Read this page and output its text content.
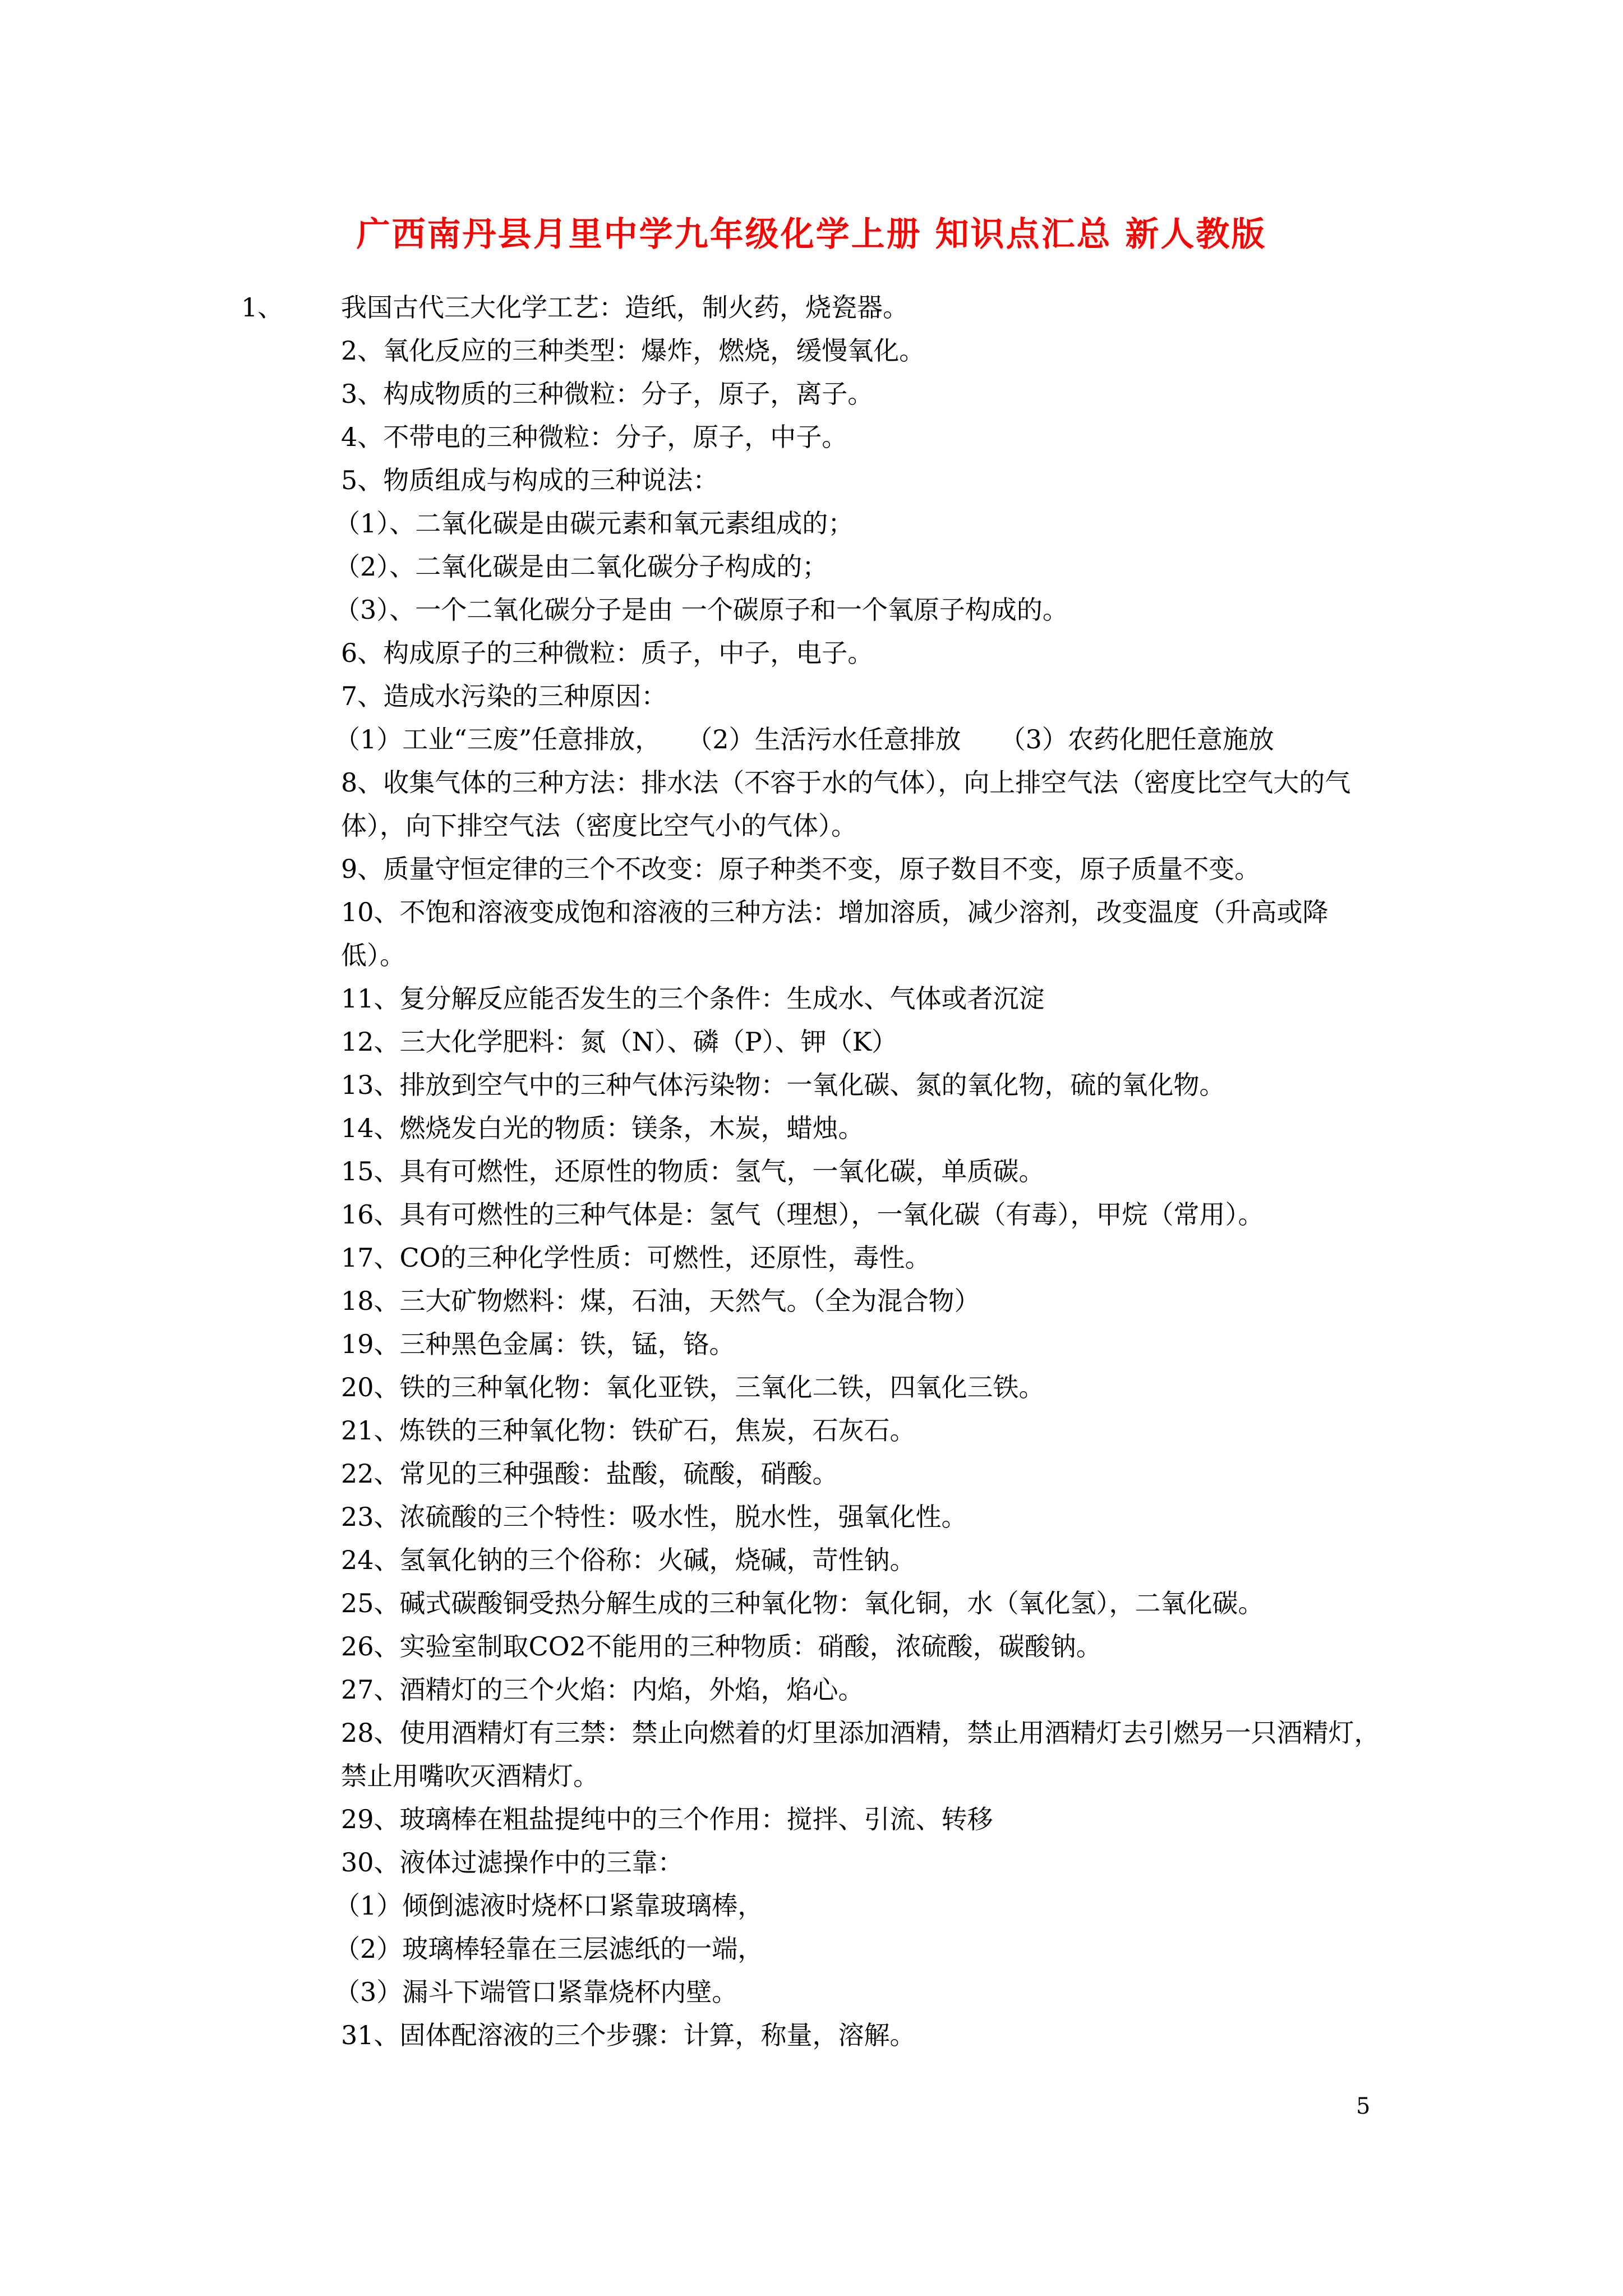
广西南丹县月里中学九年级化学上册 知识点汇总 新人教版
1、 我国古代三大化学工艺：造纸，制火药，烧瓷器。
2、氧化反应的三种类型：爆炸，燃烧，缓慢氧化。
3、构成物质的三种微粒：分子，原子，离子。
4、不带电的三种微粒：分子，原子，中子。
5、物质组成与构成的三种说法：
（1）、二氧化碳是由碳元素和氧元素组成的；
（2）、二氧化碳是由二氧化碳分子构成的；
（3）、一个二氧化碳分子是由 一个碳原子和一个氧原子构成的。
6、构成原子的三种微粒：质子，中子，电子。
7、造成水污染的三种原因：
（1）工业“三废”任意排放，　　（2）生活污水任意排放　　（3）农药化肥任意施放
8、收集气体的三种方法：排水法（不容于水的气体），向上排空气法（密度比空气大的气体），向下排空气法（密度比空气小的气体）。
9、质量守恒定律的三个不改变：原子种类不变，原子数目不变，原子质量不变。
10、不饱和溶液变成饱和溶液的三种方法：增加溶质，减少溶剂，改变温度（升高或降低）。
11、复分解反应能否发生的三个条件：生成水、气体或者沉淀
12、三大化学肥料：氮（N）、磷（P）、钾（K）
13、排放到空气中的三种气体污染物：一氧化碳、氮的氧化物，硫的氧化物。
14、燃烧发白光的物质：镁条，木炭，蜡烛。
15、具有可燃性，还原性的物质：氢气，一氧化碳，单质碳。
16、具有可燃性的三种气体是：氢气（理想），一氧化碳（有毒），甲烷（常用）。
17、CO的三种化学性质：可燃性，还原性，毒性。
18、三大矿物燃料：煤，石油，天然气。（全为混合物）
19、三种黑色金属：铁，锰，铬。
20、铁的三种氧化物：氧化亚铁，三氧化二铁，四氧化三铁。
21、炼铁的三种氧化物：铁矿石，焦炭，石灰石。
22、常见的三种强酸：盐酸，硫酸，硝酸。
23、浓硫酸的三个特性：吸水性，脱水性，强氧化性。
24、氢氧化钠的三个俗称：火碱，烧碱，苛性钠。
25、碱式碳酸铜受热分解生成的三种氧化物：氧化铜，水（氧化氢），二氧化碳。
26、实验室制取CO2不能用的三种物质：硝酸，浓硫酸，碳酸钠。
27、酒精灯的三个火焰：内焰，外焰，焰心。
28、使用酒精灯有三禁：禁止向燃着的灯里添加酒精，禁止用酒精灯去引燃另一只酒精灯，禁止用嘴吹灭酒精灯。
29、玻璃棒在粗盐提纯中的三个作用：搅拌、引流、转移
30、液体过滤操作中的三靠：
（1）倾倒滤液时烧杯口紧靠玻璃棒，
（2）玻璃棒轻靠在三层滤纸的一端，
（3）漏斗下端管口紧靠烧杯内壁。
31、固体配溶液的三个步骤：计算，称量，溶解。
5
